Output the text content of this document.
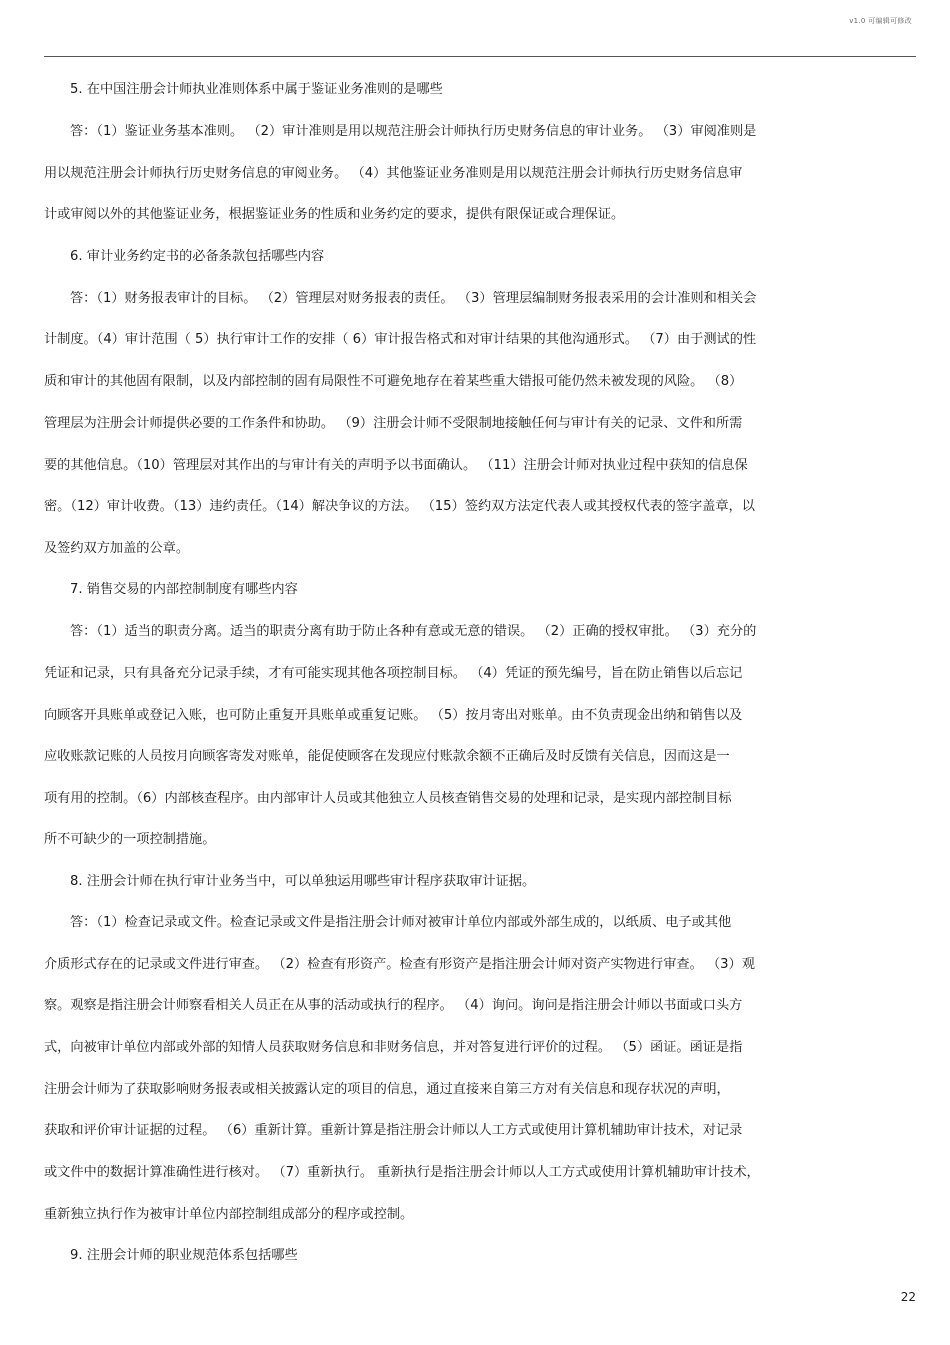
v1.0 可编辑可修改
5. 在中国注册会计师执业准则体系中属于鉴证业务准则的是哪些
答：（1）鉴证业务基本准则。 （2）审计准则是用以规范注册会计师执行历史财务信息的审计业务。 （3）审阅准则是
用以规范注册会计师执行历史财务信息的审阅业务。 （4）其他鉴证业务准则是用以规范注册会计师执行历史财务信息审
计或审阅以外的其他鉴证业务，根据鉴证业务的性质和业务约定的要求，提供有限保证或合理保证。
6. 审计业务约定书的必备条款包括哪些内容
答：（1）财务报表审计的目标。 （2）管理层对财务报表的责任。 （3）管理层编制财务报表采用的会计准则和相关会
计制度。（4）审计范围（ 5）执行审计工作的安排（ 6）审计报告格式和对审计结果的其他沟通形式。 （7）由于测试的性
质和审计的其他固有限制，以及内部控制的固有局限性不可避免地存在着某些重大错报可能仍然未被发现的风险。 （8）
管理层为注册会计师提供必要的工作条件和协助。 （9）注册会计师不受限制地接触任何与审计有关的记录、文件和所需
要的其他信息。（10）管理层对其作出的与审计有关的声明予以书面确认。 （11）注册会计师对执业过程中获知的信息保
密。（12）审计收费。（13）违约责任。（14）解决争议的方法。 （15）签约双方法定代表人或其授权代表的签字盖章，以
及签约双方加盖的公章。
7. 销售交易的内部控制制度有哪些内容
答：（1）适当的职责分离。适当的职责分离有助于防止各种有意或无意的错误。 （2）正确的授权审批。 （3）充分的
凭证和记录，只有具备充分记录手续，才有可能实现其他各项控制目标。 （4）凭证的预先编号，旨在防止销售以后忘记
向顾客开具账单或登记入账，也可防止重复开具账单或重复记账。 （5）按月寄出对账单。由不负责现金出纳和销售以及
应收账款记账的人员按月向顾客寄发对账单，能促使顾客在发现应付账款余额不正确后及时反馈有关信息，因而这是一
项有用的控制。（6）内部核查程序。由内部审计人员或其他独立人员核查销售交易的处理和记录，是实现内部控制目标
所不可缺少的一项控制措施。
8. 注册会计师在执行审计业务当中，可以单独运用哪些审计程序获取审计证据。
答：（1）检查记录或文件。检查记录或文件是指注册会计师对被审计单位内部或外部生成的，以纸质、电子或其他
介质形式存在的记录或文件进行审查。 （2）检查有形资产。检查有形资产是指注册会计师对资产实物进行审查。 （3）观
察。观察是指注册会计师察看相关人员正在从事的活动或执行的程序。 （4）询问。询问是指注册会计师以书面或口头方
式，向被审计单位内部或外部的知情人员获取财务信息和非财务信息，并对答复进行评价的过程。 （5）函证。函证是指
注册会计师为了获取影响财务报表或相关披露认定的项目的信息，通过直接来自第三方对有关信息和现存状况的声明，
获取和评价审计证据的过程。 （6）重新计算。重新计算是指注册会计师以人工方式或使用计算机辅助审计技术，对记录
或文件中的数据计算准确性进行核对。 （7）重新执行。 重新执行是指注册会计师以人工方式或使用计算机辅助审计技术，
重新独立执行作为被审计单位内部控制组成部分的程序或控制。
9. 注册会计师的职业规范体系包括哪些
22
